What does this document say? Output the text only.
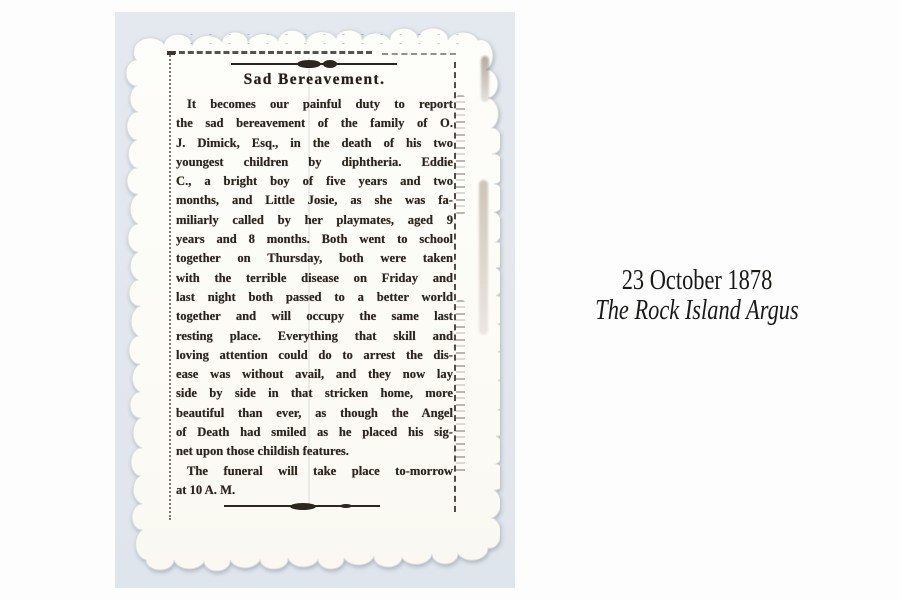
Sad Bereavement.
It becomes our painful duty to report
the sad bereavement of the family of O.
J. Dimick, Esq., in the death of his two
youngest children by diphtheria. Eddie
C., a bright boy of five years and two
months, and Little Josie, as she was fa-
miliarly called by her playmates, aged 9
years and 8 months. Both went to school
together on Thursday, both were taken
with the terrible disease on Friday and
last night both passed to a better world
together and will occupy the same last
resting place. Everything that skill and
loving attention could do to arrest the dis-
ease was without avail, and they now lay
side by side in that stricken home, more
beautiful than ever, as though the Angel
of Death had smiled as he placed his sig-
net upon those childish features.
The funeral will take place to-morrow
at 10 A. M.
23 October 1878
The Rock Island Argus
